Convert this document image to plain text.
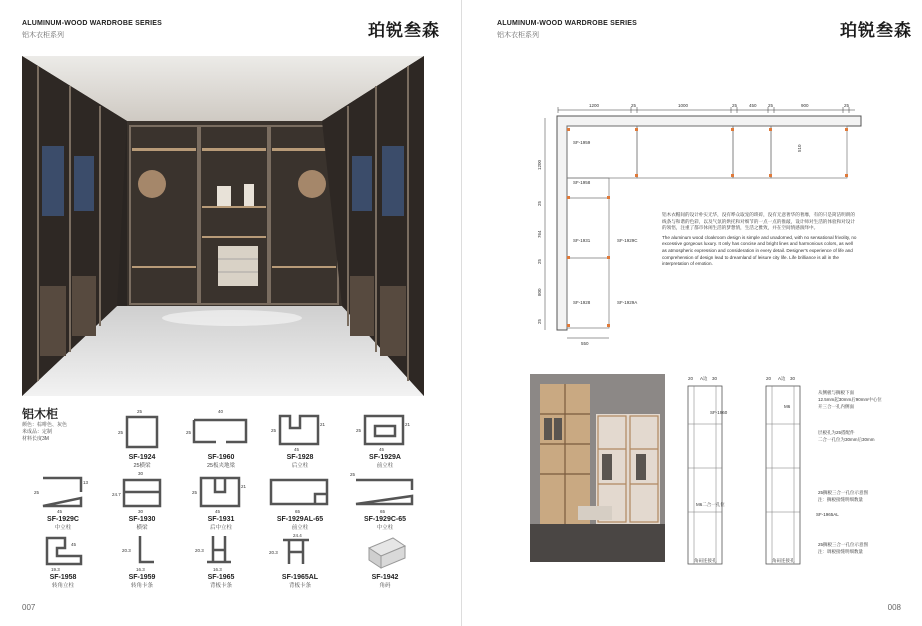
ALUMINUM-WOOD WARDROBE SERIES
铝木衣柜系列	珀锐叁森
铝木柜
颜色：棕啡色、灰色
米成品：定制
材料长度3M
25
25
SF-1924
25横梁
40
25
SF-1960
25板夹地梁
45
21
25
SF-1928
后立柱
45
21
25
SF-1929A
前立柱
45
25
13
SF-1929C
中立柱
30
24.7
30
SF-1930
横梁
45
21
25
SF-1931
后中立柱
65
SF-1929AL-65
前立柱
65
25
SF-1929C-65
中立柱
45
19.3
SF-1958
转角立柱
20.3
16.3
SF-1959
转角卡条
20.3
16.3
SF-1965
背板卡条
24.4
20.3
SF-1965AL
背板卡条
SF-1942
角码
007
ALUMINUM-WOOD WARDROBE SERIES
铝木衣柜系列	珀锐叁森
008
1200	25	1000	25	450	25	900	25
1200
25
764
25
800
25
510
550
SF-1959
SF-1958
SF-1931	SF-1929C
SF-1928	SF-1929A

铝木衣帽间的设计朴实无华，没有哗众取宠的琐碎，没有无意奢华的奢靡，有的只是简洁明朗的线条与和谐的色彩，以及气氛的烘托和对细节的一点一点的推敲，设计师对生活的体验和对设计的领悟，注重了都市休闲生活的梦想情，生活之雅致，并在空间情感演绎中。

The aluminum wood cloakroom design is simple and unadorned, with no sensational frivolity, no excessive gorgeous luxury. It only has concise and bright lines and harmonious colors, as well as atmospheric expression and consideration in every detail. Designer's experience of life and comprehension of design lead to dreamland of leisure city life. Life brilliance is all in the interpretation of emotion.

20 A边 30
SF-1960
M6二合一孔位
角码连接孔
20 A边 30
M6
从侧板与搁板下面
12.5mm起30mm后90mm中心位
开三合一孔内侧面
层板孔为25搭配件
二合一孔位为30mm后30mm
25搁板三合一孔位示意图
注：搁板接缝明细数量
SF-1965AL
25搁板三合一孔位示意图
注：调板接缝明细数量
角码连接孔
